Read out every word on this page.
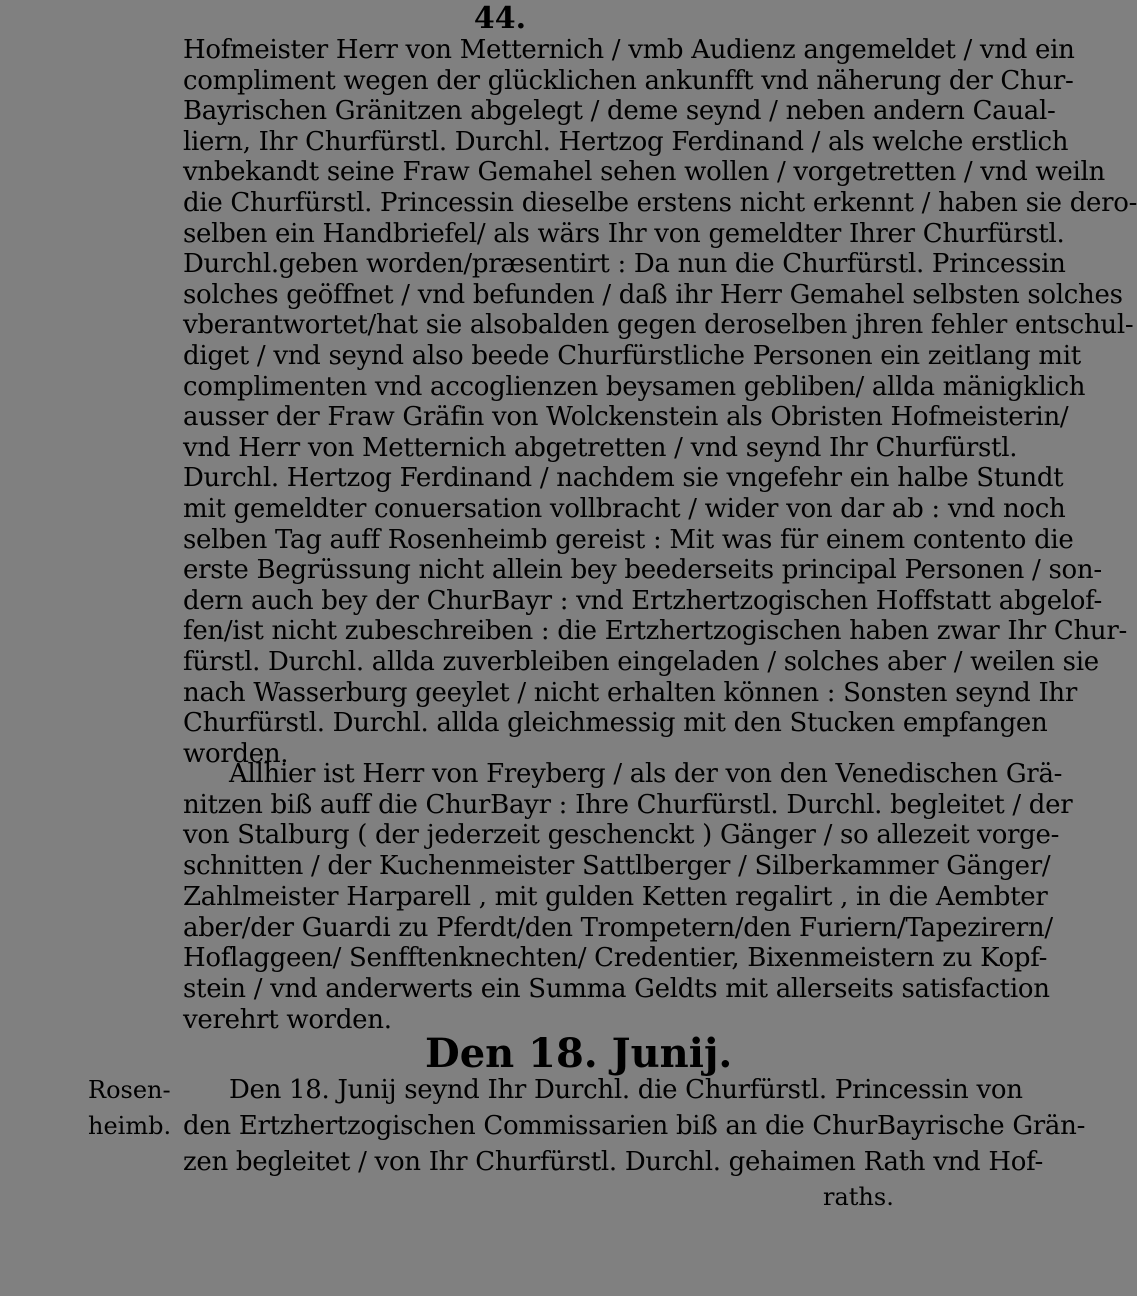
44.
Hofmeister Herr von Metternich / vmb Audienz angemeldet / vnd ein
compliment wegen der glücklichen ankunfft vnd näherung der Chur-
Bayrischen Gränitzen abgelegt / deme seynd / neben andern Caual-
liern, Ihr Churfürstl. Durchl. Hertzog Ferdinand / als welche erstlich
vnbekandt seine Fraw Gemahel sehen wollen / vorgetretten / vnd weiln
die Churfürstl. Princessin dieselbe erstens nicht erkennt / haben sie dero-
selben ein Handbriefel/ als wärs Ihr von gemeldter Ihrer Churfürstl.
Durchl.geben worden/præsentirt : Da nun die Churfürstl. Princessin
solches geöffnet / vnd befunden / daß ihr Herr Gemahel selbsten solches
vberantwortet/hat sie alsobalden gegen deroselben jhren fehler entschul-
diget / vnd seynd also beede Churfürstliche Personen ein zeitlang mit
complimenten vnd accoglienzen beysamen gebliben/ allda mänigklich
ausser der Fraw Gräfin von Wolckenstein als Obristen Hofmeisterin/
vnd Herr von Metternich abgetretten / vnd seynd Ihr Churfürstl.
Durchl. Hertzog Ferdinand / nachdem sie vngefehr ein halbe Stundt
mit gemeldter conuersation vollbracht / wider von dar ab : vnd noch
selben Tag auff Rosenheimb gereist : Mit was für einem contento die
erste Begrüssung nicht allein bey beederseits principal Personen / son-
dern auch bey der ChurBayr : vnd Ertzhertzogischen Hoffstatt abgelof-
fen/ist nicht zubeschreiben : die Ertzhertzogischen haben zwar Ihr Chur-
fürstl. Durchl. allda zuverbleiben eingeladen / solches aber / weilen sie
nach Wasserburg geeylet / nicht erhalten können : Sonsten seynd Ihr
Churfürstl. Durchl. allda gleichmessig mit den Stucken empfangen
worden.
Allhier ist Herr von Freyberg / als der von den Venedischen Grä-
nitzen biß auff die ChurBayr : Ihre Churfürstl. Durchl. begleitet / der
von Stalburg ( der jederzeit geschenckt ) Gänger / so allezeit vorge-
schnitten / der Kuchenmeister Sattlberger / Silberkammer Gänger/
Zahlmeister Harparell , mit gulden Ketten regalirt , in die Aembter
aber/der Guardi zu Pferdt/den Trompetern/den Furiern/Tapezirern/
Hoflaggeen/ Senfftenknechten/ Credentier, Bixenmeistern zu Kopf-
stein / vnd anderwerts ein Summa Geldts mit allerseits satisfaction
verehrt worden.
Den 18. Junij.
Rosen-
heimb.
Den 18. Junij seynd Ihr Durchl. die Churfürstl. Princessin von
den Ertzhertzogischen Commissarien biß an die ChurBayrische Grän-
zen begleitet / von Ihr Churfürstl. Durchl. gehaimen Rath vnd Hof-
raths.
